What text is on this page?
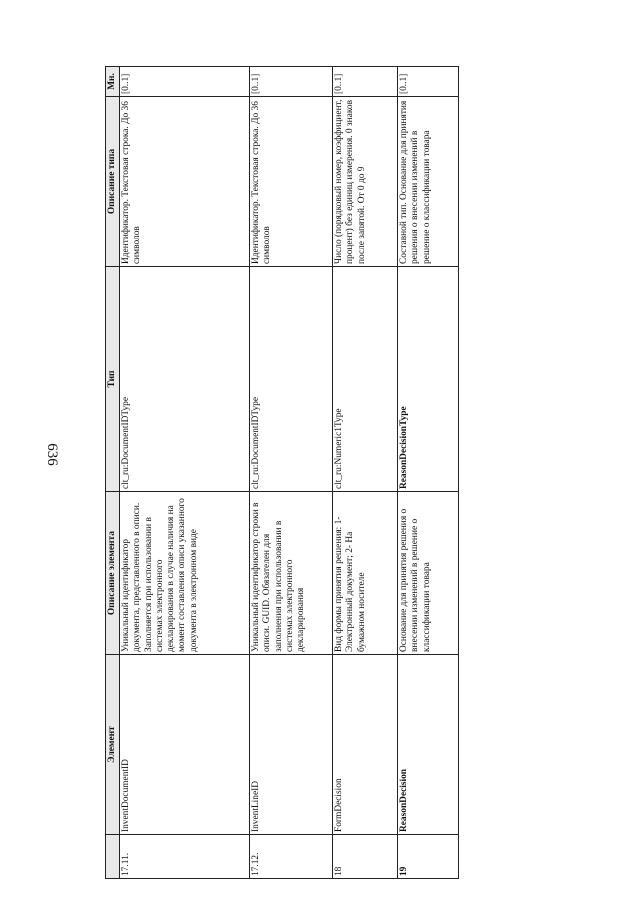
636
	Элемент	Описание элемента	Тип	Описание типа	Мн.
17.11.	InventDocumentID	Уникальный идентификатор документа, представленного в описи. Заполняется при использовании в системах электронного декларирования в случае наличия на момент составления описи указанного документа в электронном виде	clt_ru:DocumentIDType	Идентификатор. Текстовая строка. До 36 символов	[0..1]
17.12.	InventLineID	Уникальный идентификатор строки в описи. GUID. Обязателен для заполнения при использовании в системах электронного декларирования	clt_ru:DocumentIDType	Идентификатор. Текстовая строка. До 36 символов	[0..1]
18	FormDecision	Вид формы принятия решения: 1- Электронный документ; 2- На бумажном носителе	clt_ru:Numeric1Type	Число (порядковый номер, коэффициент, процент) без единиц измерения. 0 знаков после запятой. От 0 до 9	[0..1]
19	ReasonDecision	Основание для принятия решения о внесении изменений в решение о классификации товара	ReasonDecisionType	Составной тип. Основание для принятия решения о внесении изменений в решение о классификации товара	[0..1]
